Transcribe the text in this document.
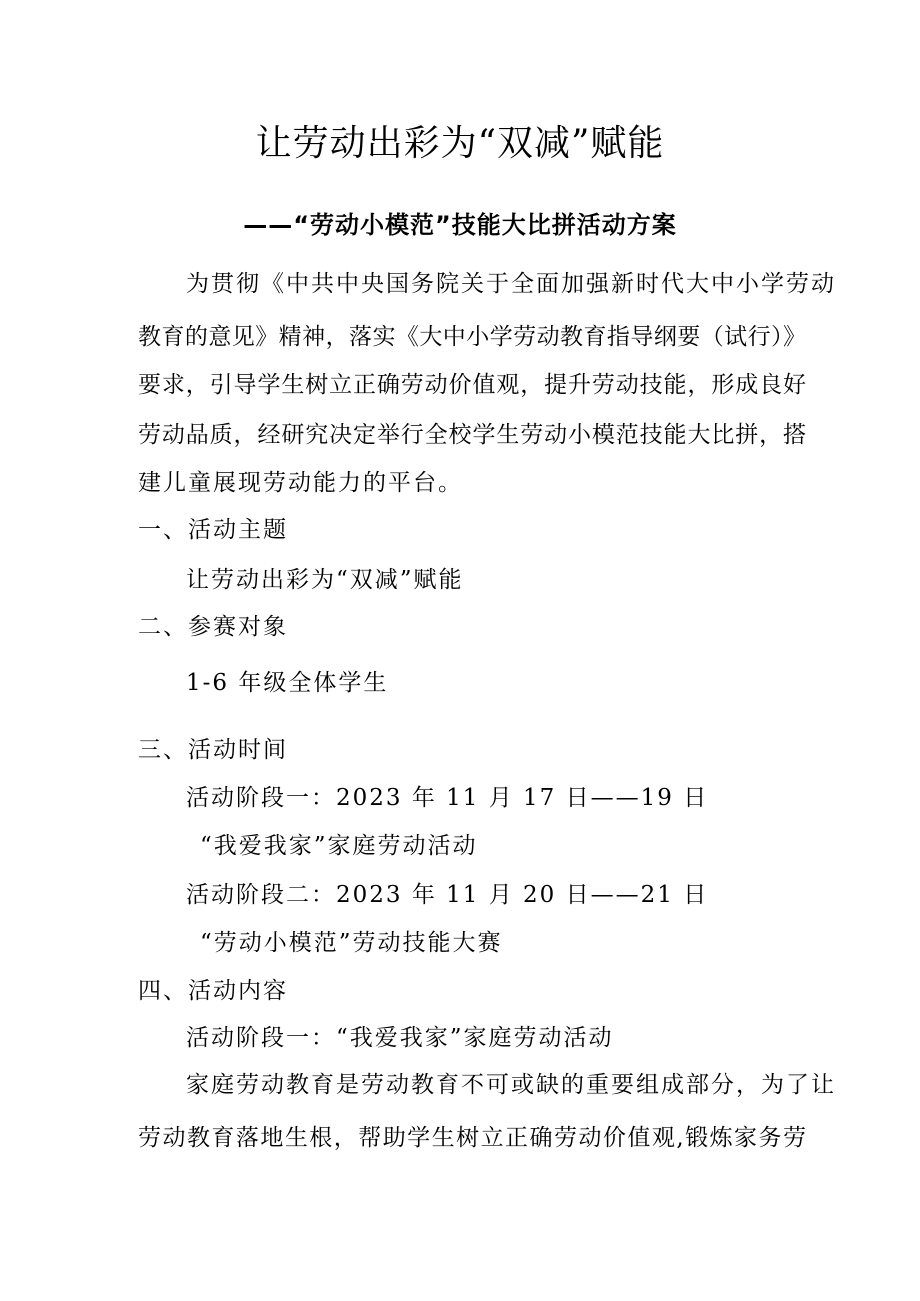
让劳动出彩为“双减”赋能
——“劳动小模范”技能大比拼活动方案
为贯彻《中共中央国务院关于全面加强新时代大中小学劳动
教育的意见》精神，落实《大中小学劳动教育指导纲要（试行）》
要求，引导学生树立正确劳动价值观，提升劳动技能，形成良好
劳动品质，经研究决定举行全校学生劳动小模范技能大比拼，搭
建儿童展现劳动能力的平台。
一、活动主题
让劳动出彩为“双减”赋能
二、参赛对象
1-6 年级全体学生
三、活动时间
活动阶段一：2023 年 11 月 17 日——19 日
“我爱我家”家庭劳动活动
活动阶段二：2023 年 11 月 20 日——21 日
“劳动小模范”劳动技能大赛
四、活动内容
活动阶段一：“我爱我家”家庭劳动活动
家庭劳动教育是劳动教育不可或缺的重要组成部分，为了让
劳动教育落地生根，帮助学生树立正确劳动价值观,锻炼家务劳
